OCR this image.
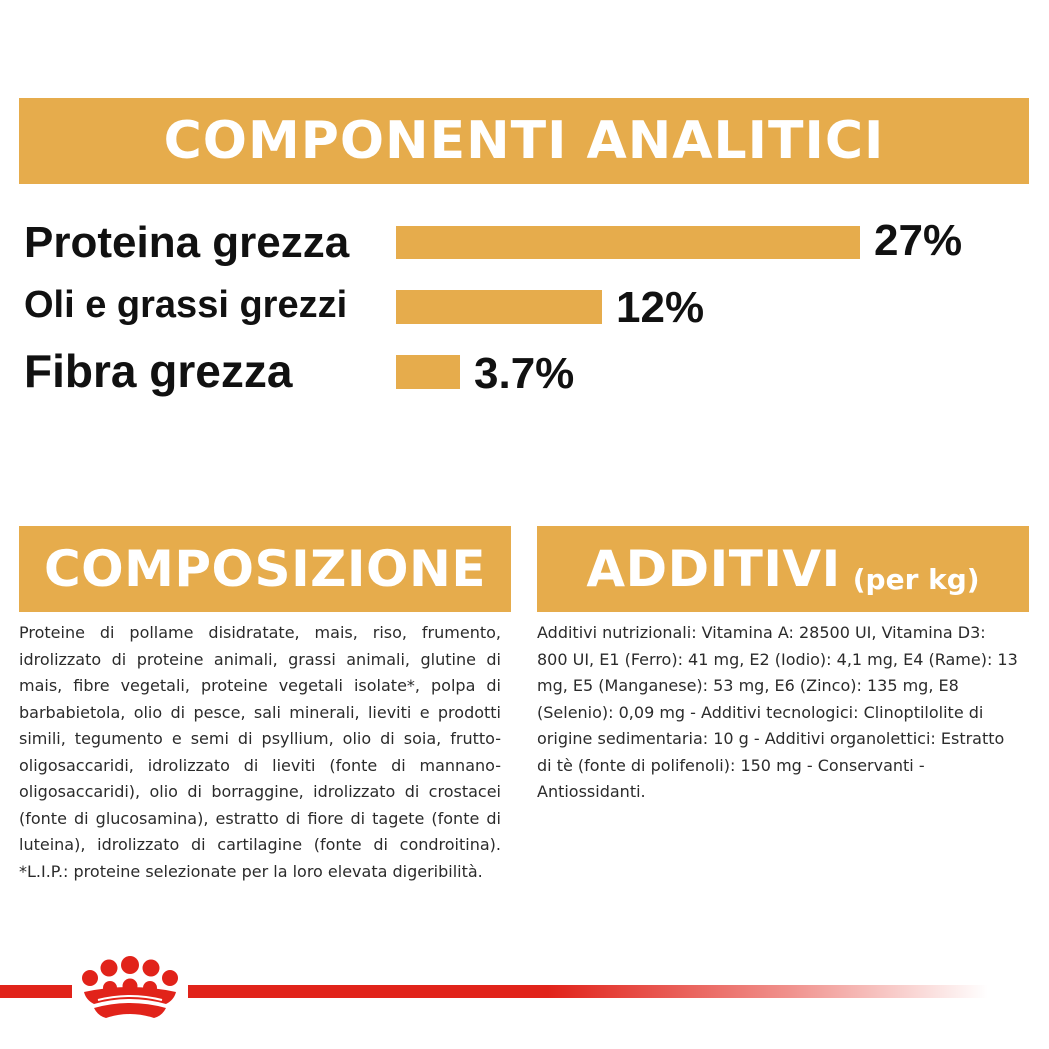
COMPONENTI ANALITICI
Proteina grezza	27%
Oli e grassi grezzi	12%
Fibra grezza	3.7%
COMPOSIZIONE
Proteine di pollame disidratate, mais, riso, frumento, idrolizzato di proteine animali, grassi animali, glutine di mais, fibre vegetali, proteine vegetali isolate*, polpa di barbabietola, olio di pesce, sali minerali, lieviti e prodotti simili, tegumento e semi di psyllium, olio di soia, frutto-oligosaccaridi, idrolizzato di lieviti (fonte di mannano-oligosaccaridi), olio di borraggine, idrolizzato di crostacei (fonte di glucosamina), estratto di fiore di tagete (fonte di luteina), idrolizzato di cartilagine (fonte di condroitina). *L.I.P.: proteine selezionate per la loro elevata digeribilità.
ADDITIVI (per kg)
Additivi nutrizionali: Vitamina A: 28500 UI, Vitamina D3: 800 UI, E1 (Ferro): 41 mg, E2 (Iodio): 4,1 mg, E4 (Rame): 13 mg, E5 (Manganese): 53 mg, E6 (Zinco): 135 mg, E8 (Selenio): 0,09 mg - Additivi tecnologici: Clinoptilolite di origine sedimentaria: 10 g - Additivi organolettici: Estratto di tè (fonte di polifenoli): 150 mg - Conservanti - Antiossidanti.
